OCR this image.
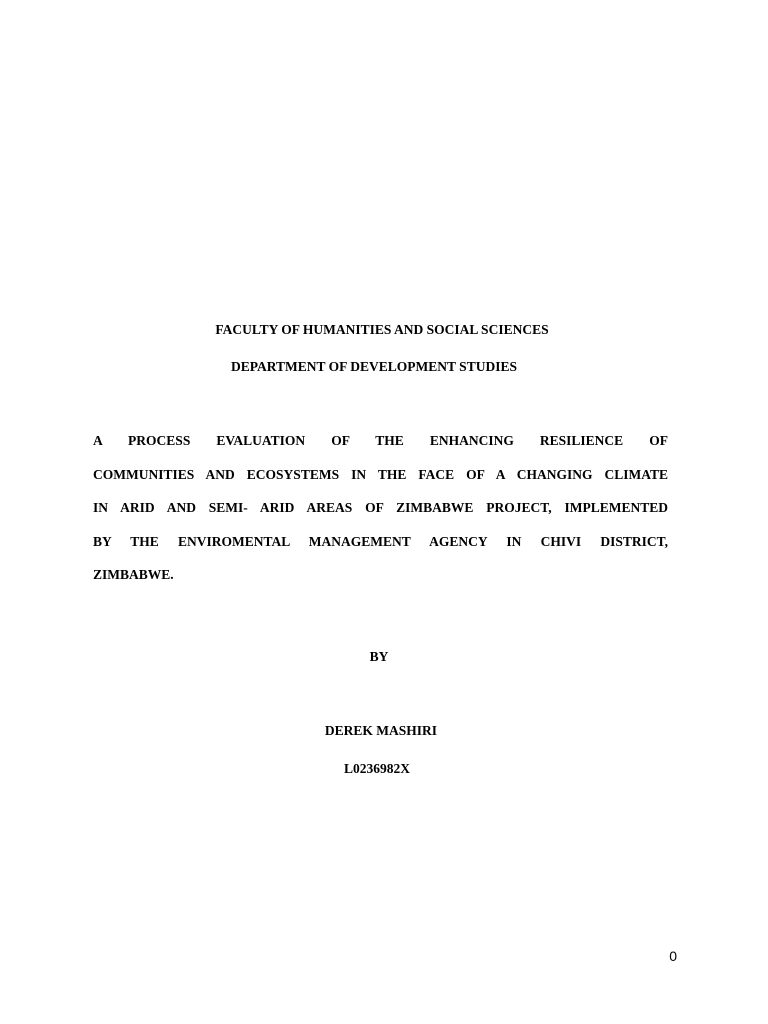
FACULTY OF HUMANITIES AND SOCIAL SCIENCES
DEPARTMENT OF DEVELOPMENT STUDIES
A PROCESS EVALUATION OF THE ENHANCING RESILIENCE OF
COMMUNITIES AND ECOSYSTEMS IN THE FACE OF A CHANGING CLIMATE
IN ARID AND SEMI- ARID AREAS OF ZIMBABWE PROJECT, IMPLEMENTED
BY THE ENVIROMENTAL MANAGEMENT AGENCY IN CHIVI DISTRICT,
ZIMBABWE.
BY
DEREK MASHIRI
L0236982X
0
